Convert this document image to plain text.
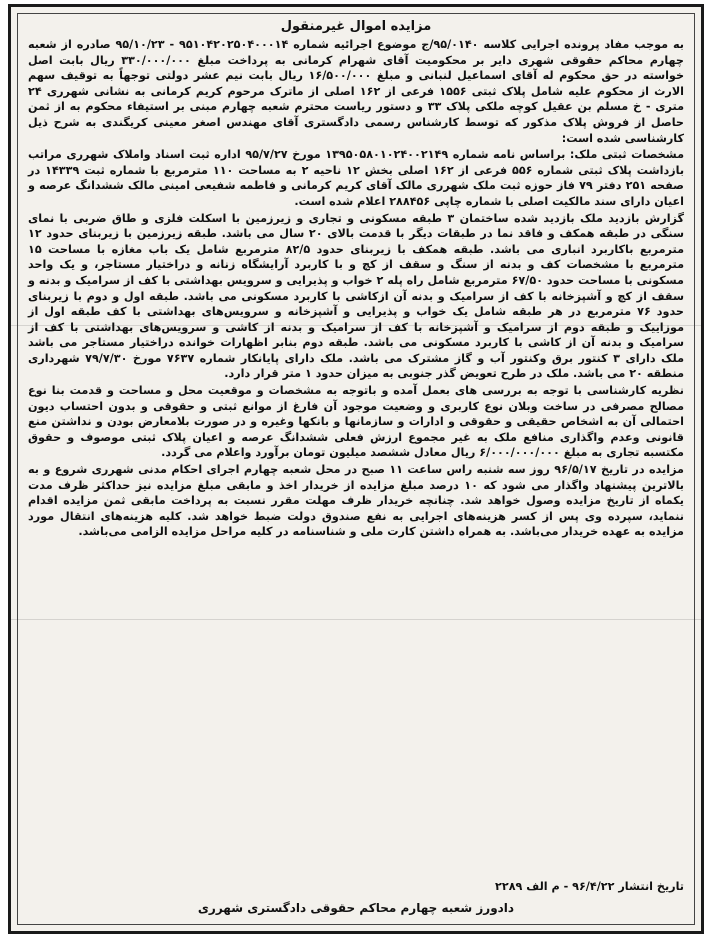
مزایده اموال غیرمنقول

به موجب مفاد پرونده اجرایی کلاسه ۹۵/۰۱۴۰/ج موضوع اجرائیه شماره ۹۵۱۰۴۲۰۲۵۰۴۰۰۰۱۴ - ۹۵/۱۰/۲۳ صادره از شعبه چهارم محاکم حقوقی شهری دایر بر محکومیت آقای شهرام کرمانی به پرداخت مبلغ ۳۳۰/۰۰۰/۰۰۰ ریال بابت اصل خواسته در حق محکوم له آقای اسماعیل لنبانی و مبلغ ۱۶/۵۰۰/۰۰۰ ریال بابت نیم عشر دولتی توجهاً به توقیف سهم الارث از محکوم علیه شامل پلاک ثبتی ۱۵۵۶ فرعی از ۱۶۲ اصلی از ماترک مرحوم کریم کرمانی به نشانی شهرری ۲۴ متری - خ مسلم بن عقیل کوچه ملکی پلاک ۳۳ و دستور ریاست محترم شعبه چهارم مبنی بر استیفاء محکوم به از ثمن حاصل از فروش پلاک مذکور که توسط کارشناس رسمی دادگستری آقای مهندس اصغر معینی کریگندی به شرح ذیل کارشناسی شده است:

مشخصات ثبتی ملک: براساس نامه شماره ۱۳۹۵۰۵۸۰۱۰۲۴۰۰۲۱۴۹ مورخ ۹۵/۷/۲۷ اداره ثبت اسناد واملاک شهرری مراتب بازداشت پلاک ثبتی شماره ۵۵۶ فرعی از ۱۶۲ اصلی بخش ۱۲ ناحیه ۲ به مساحت ۱۱۰ مترمربع با شماره ثبت ۱۴۳۳۹ در صفحه ۲۵۱ دفتر ۷۹ فاز حوزه ثبت ملک شهرری مالک آقای کریم کرمانی و فاطمه شفیعی امینی مالک ششدانگ عرصه و اعیان دارای سند مالکیت اصلی با شماره چاپی ۲۸۸۴۵۶ اعلام شده است.

گزارش بازدید ملک بازدید شده ساختمان ۳ طبقه مسکونی و تجاری و زیرزمین با اسکلت فلزی و طاق ضربی با نمای سنگی در طبقه همکف و فاقد نما در طبقات دیگر با قدمت بالای ۲۰ سال می باشد. طبقه زیرزمین با زیربنای حدود ۱۲ مترمربع باکاربرد انباری می باشد. طبقه همکف با زیربنای حدود ۸۲/۵ مترمربع شامل یک باب مغازه با مساحت ۱۵ مترمربع با مشخصات کف و بدنه از سنگ و سقف از کچ و با کاربرد آرایشگاه زنانه و دراختیار مستاجر، و یک واحد مسکونی با مساحت حدود ۶۷/۵۰ مترمربع شامل راه پله ۲ خواب و پذیرایی و سرویس بهداشتی با کف از سرامیک و بدنه و سقف از کچ و آشپزخانه با کف از سرامیک و بدنه آن ازکاشی با کاربرد مسکونی می باشد. طبقه اول و دوم با زیربنای حدود ۷۶ مترمربع در هر طبقه شامل یک خواب و پذیرایی و آشپزخانه و سرویس‌های بهداشتی با کف طبقه اول از موزاییک و طبقه دوم از سرامیک و آشپزخانه با کف از سرامیک و بدنه از کاشی و سرویس‌های بهداشتی با کف از سرامیک و بدنه آن از کاشی با کاربرد مسکونی می باشد. طبقه دوم بنابر اظهارات خوانده دراختیار مستاجر می باشد ملک دارای ۳ کنتور برق وکنتور آب و گاز مشترک می باشد. ملک دارای پایانکار شماره ۷۶۳۷ مورخ ۷۹/۷/۳۰ شهرداری منطقه ۲۰ می باشد. ملک در طرح تعویض گذر جنوبی به میزان حدود ۱ متر قرار دارد.

نظریه کارشناسی با توجه به بررسی های بعمل آمده و باتوجه به مشخصات و موقعیت محل و مساحت و قدمت بنا نوع مصالح مصرفی در ساخت وبلان نوع کاربری و وضعیت موجود آن فارغ از موانع ثبتی و حقوقی و بدون احتساب دیون احتمالی آن به اشخاص حقیقی و حقوقی و ادارات و سازمانها و بانکها وغیره و در صورت بلامعارض بودن و نداشتن منع قانونی وعدم واگذاری منافع ملک به غیر مجموع ارزش فعلی ششدانگ عرصه و اعیان پلاک ثبتی موصوف و حقوق مکتسبه تجاری به مبلغ ۶/۰۰۰/۰۰۰/۰۰۰ ریال معادل ششصد میلیون تومان برآورد واعلام می گردد.

مزایده در تاریخ ۹۶/۵/۱۷ روز سه شنبه راس ساعت ۱۱ صبح در محل شعبه چهارم اجرای احکام مدنی شهرری شروع و به بالاترین پیشنهاد واگذار می شود که ۱۰ درصد مبلغ مزایده از خریدار اخذ و مابقی مبلغ مزایده نیز حداکثر ظرف مدت یکماه از تاریخ مزایده وصول خواهد شد. چنانچه خریدار ظرف مهلت مقرر نسبت به پرداخت مابقی ثمن مزایده اقدام ننماید، سپرده وی پس از کسر هزینه‌های اجرایی به نفع صندوق دولت ضبط خواهد شد. کلیه هزینه‌های انتقال مورد مزایده به عهده خریدار می‌باشد. به همراه داشتن کارت ملی و شناسنامه در کلیه مراحل مزایده الزامی می‌باشد.

تاریخ انتشار ۹۶/۴/۲۲ - م الف ۲۲۸۹

دادورز شعبه چهارم محاکم حقوقی دادگستری شهرری
